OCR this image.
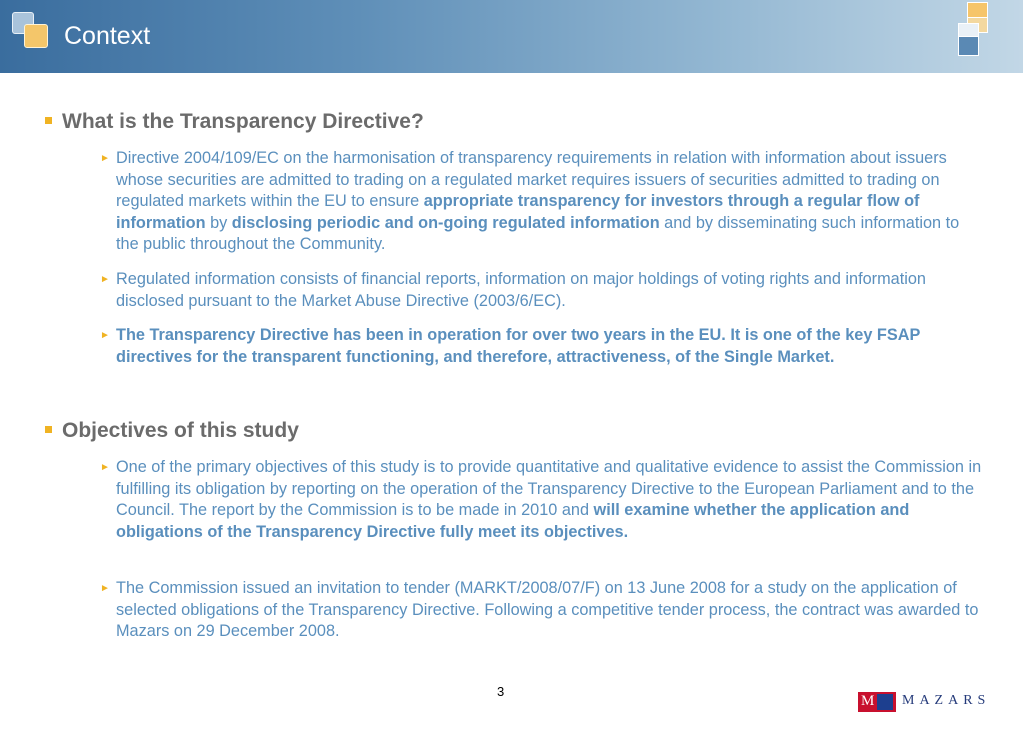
Context
What is the Transparency Directive?
► Directive 2004/109/EC on the harmonisation of transparency requirements in relation with information about issuers whose securities are admitted to trading on a regulated market requires issuers of securities admitted to trading on regulated markets within the EU to ensure appropriate transparency for investors through a regular flow of information by disclosing periodic and on-going regulated information and by disseminating such information to the public throughout the Community.
► Regulated information consists of financial reports, information on major holdings of voting rights and information disclosed pursuant to the Market Abuse Directive (2003/6/EC).
► The Transparency Directive has been in operation for over two years in the EU. It is one of the key FSAP directives for the transparent functioning, and therefore, attractiveness, of the Single Market.
Objectives of this study
► One of the primary objectives of this study is to provide quantitative and qualitative evidence to assist the Commission in fulfilling its obligation by reporting on the operation of the Transparency Directive to the European Parliament and to the Council. The report by the Commission is to be made in 2010 and will examine whether the application and obligations of the Transparency Directive fully meet its objectives.
► The Commission issued an invitation to tender (MARKT/2008/07/F) on 13 June 2008 for a study on the application of selected obligations of the Transparency Directive. Following a competitive tender process, the contract was awarded to Mazars on 29 December 2008.
3
M MAZARS
